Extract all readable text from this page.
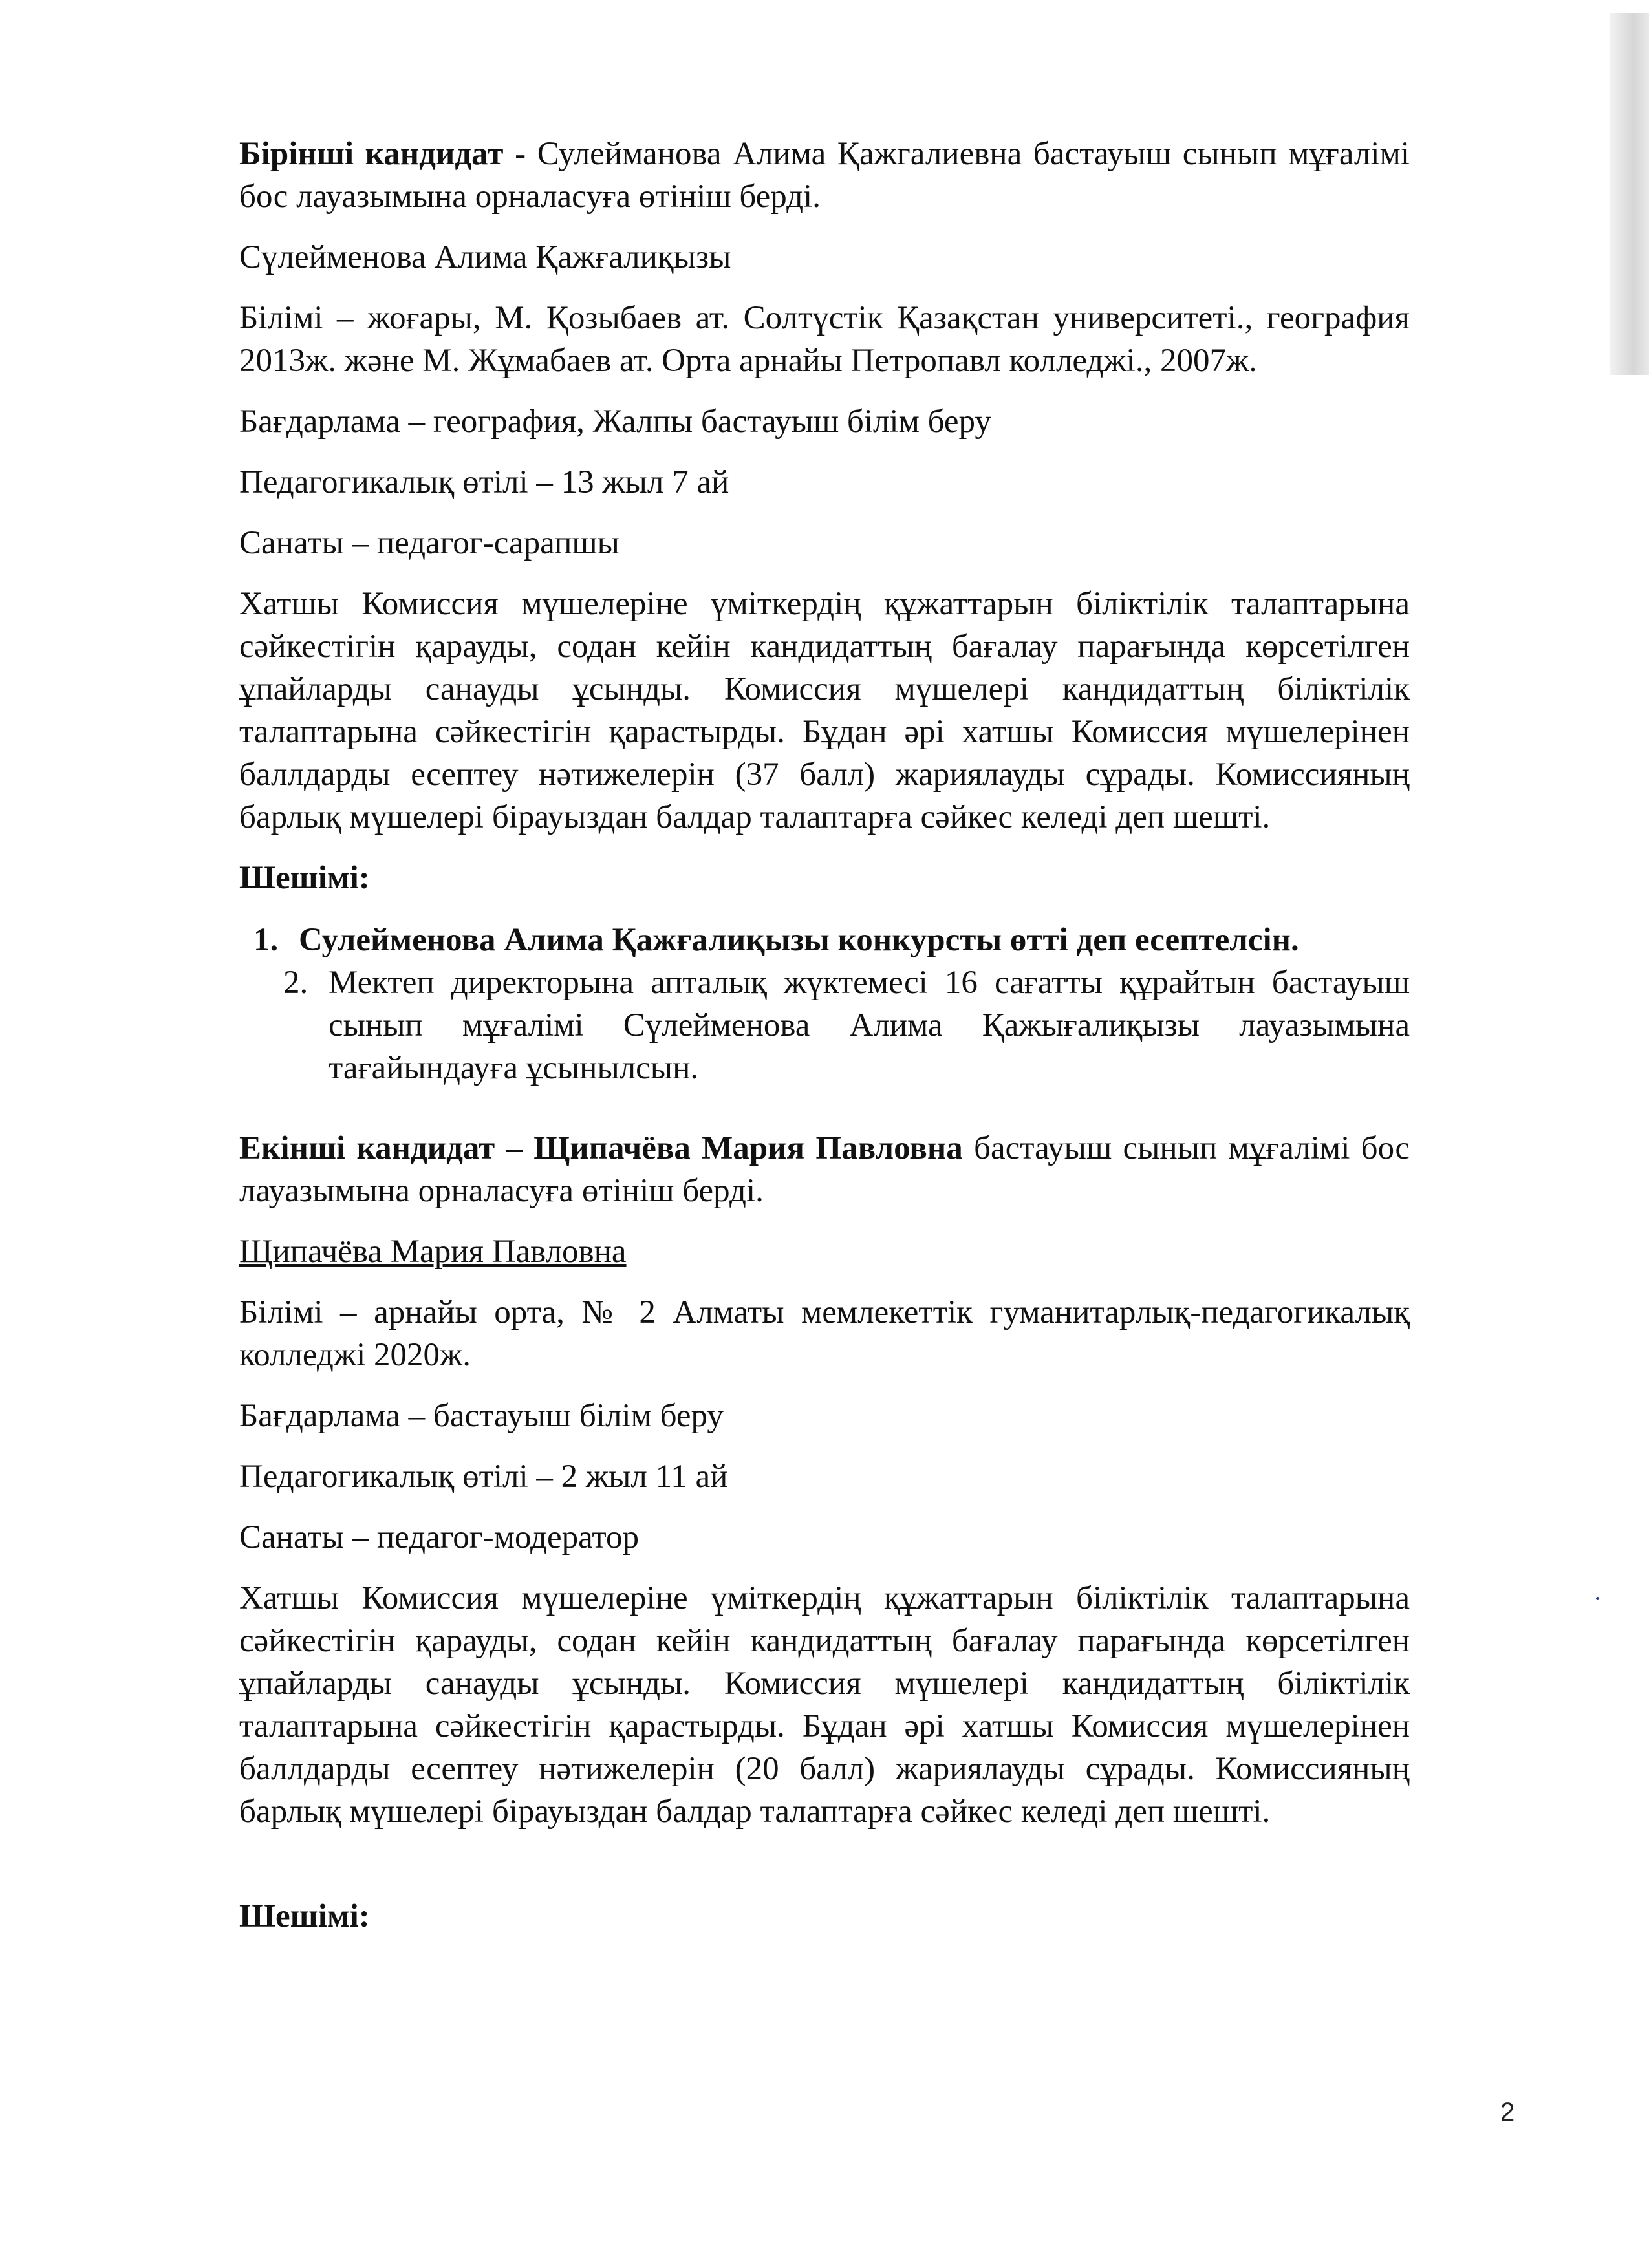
Бірінші кандидат - Сулейманова Алима Қажгалиевна бастауыш сынып мұғалімі бос лауазымына орналасуға өтініш берді.

Сүлейменова Алима Қажғалиқызы

Білімі – жоғары, М. Қозыбаев ат. Солтүстік Қазақстан университеті., география 2013ж. және М. Жұмабаев ат. Орта арнайы Петропавл колледжі., 2007ж.

Бағдарлама – география, Жалпы бастауыш білім беру

Педагогикалық өтілі – 13 жыл 7 ай

Санаты – педагог-сарапшы

Хатшы Комиссия мүшелеріне үміткердің құжаттарын біліктілік талаптарына сәйкестігін қарауды, содан кейін кандидаттың бағалау парағында көрсетілген ұпайларды санауды ұсынды. Комиссия мүшелері кандидаттың біліктілік талаптарына сәйкестігін қарастырды. Бұдан әрі хатшы Комиссия мүшелерінен баллдарды есептеу нәтижелерін (37 балл) жариялауды сұрады. Комиссияның барлық мүшелері бірауыздан балдар талаптарға сәйкес келеді деп шешті.

Шешімі:

1. Сулейменова Алима Қажғалиқызы конкурсты өтті деп есептелсін.
2. Мектеп директорына апталық жүктемесі 16 сағатты құрайтын бастауыш сынып мұғалімі Сүлейменова Алима Қажығалиқызы лауазымына тағайындауға ұсынылсын.

Екінші кандидат – Щипачёва Мария Павловна бастауыш сынып мұғалімі бос лауазымына орналасуға өтініш берді.

Щипачёва Мария Павловна

Білімі – арнайы орта, № 2 Алматы мемлекеттік гуманитарлық-педагогикалық колледжі 2020ж.

Бағдарлама – бастауыш білім беру

Педагогикалық өтілі – 2 жыл 11 ай

Санаты – педагог-модератор

Хатшы Комиссия мүшелеріне үміткердің құжаттарын біліктілік талаптарына сәйкестігін қарауды, содан кейін кандидаттың бағалау парағында көрсетілген ұпайларды санауды ұсынды. Комиссия мүшелері кандидаттың біліктілік талаптарына сәйкестігін қарастырды. Бұдан әрі хатшы Комиссия мүшелерінен баллдарды есептеу нәтижелерін (20 балл) жариялауды сұрады. Комиссияның барлық мүшелері бірауыздан балдар талаптарға сәйкес келеді деп шешті.

Шешімі:

2
